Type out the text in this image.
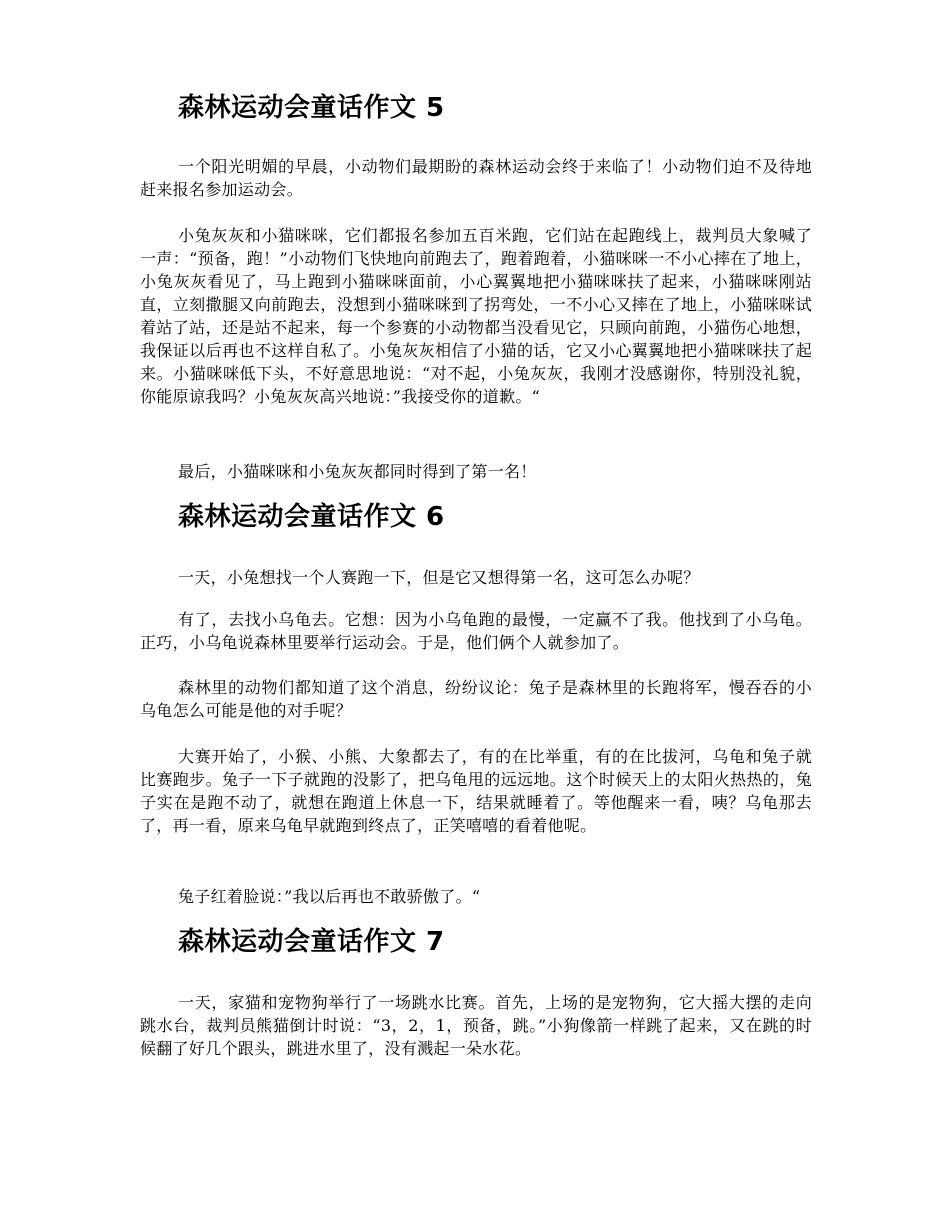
森林运动会童话作文 5

一个阳光明媚的早晨，小动物们最期盼的森林运动会终于来临了！小动物们迫不及待地赶来报名参加运动会。

小兔灰灰和小猫咪咪，它们都报名参加五百米跑，它们站在起跑线上，裁判员大象喊了一声：“预备，跑！”小动物们飞快地向前跑去了，跑着跑着，小猫咪咪一不小心摔在了地上，小兔灰灰看见了，马上跑到小猫咪咪面前，小心翼翼地把小猫咪咪扶了起来，小猫咪咪刚站直，立刻撒腿又向前跑去，没想到小猫咪咪到了拐弯处，一不小心又摔在了地上，小猫咪咪试着站了站，还是站不起来，每一个参赛的小动物都当没看见它，只顾向前跑，小猫伤心地想，我保证以后再也不这样自私了。小兔灰灰相信了小猫的话，它又小心翼翼地把小猫咪咪扶了起来。小猫咪咪低下头，不好意思地说：“对不起，小兔灰灰，我刚才没感谢你，特别没礼貌，你能原谅我吗？小兔灰灰高兴地说：”我接受你的道歉。“

最后，小猫咪咪和小兔灰灰都同时得到了第一名！

森林运动会童话作文 6

一天，小兔想找一个人赛跑一下，但是它又想得第一名，这可怎么办呢？

有了，去找小乌龟去。它想：因为小乌龟跑的最慢，一定赢不了我。他找到了小乌龟。正巧，小乌龟说森林里要举行运动会。于是，他们俩个人就参加了。

森林里的动物们都知道了这个消息，纷纷议论：兔子是森林里的长跑将军，慢吞吞的小乌龟怎么可能是他的对手呢？

大赛开始了，小猴、小熊、大象都去了，有的在比举重，有的在比拔河，乌龟和兔子就比赛跑步。兔子一下子就跑的没影了，把乌龟甩的远远地。这个时候天上的太阳火热热的，兔子实在是跑不动了，就想在跑道上休息一下，结果就睡着了。等他醒来一看，咦？乌龟那去了，再一看，原来乌龟早就跑到终点了，正笑嘻嘻的看着他呢。

兔子红着脸说：”我以后再也不敢骄傲了。“

森林运动会童话作文 7

一天，家猫和宠物狗举行了一场跳水比赛。首先，上场的是宠物狗，它大摇大摆的走向跳水台，裁判员熊猫倒计时说：“3，2，1，预备，跳。”小狗像箭一样跳了起来，又在跳的时候翻了好几个跟头，跳进水里了，没有溅起一朵水花。
